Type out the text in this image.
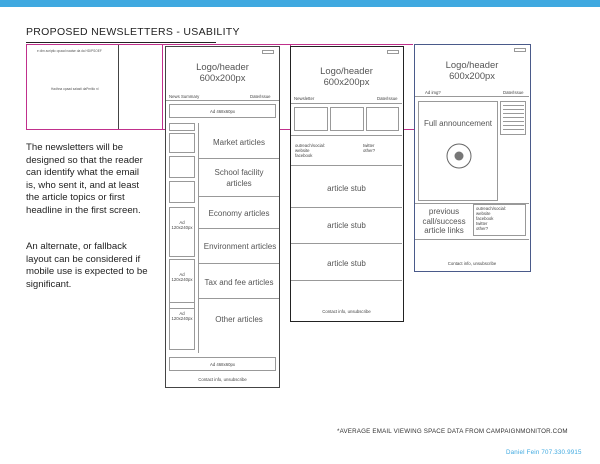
PROPOSED NEWSLETTERS - USABILITY
e dim acriptic opaad naaise da da HDIPSOEF
Hadhna opaad saiasti daPmitlo nl
The newsletters will be designed so that the reader can identify what the email is, who sent it, and at least the article topics or first headline in the first screen.
An alternate, or fallback layout can be considered if mobile use is expected to be significant.
Logo/header
600x200px
News Summary	Date/Issue
Ad 468x60px
Ad
120x240px
Ad
120x240px
Ad
120x240px
Market articles
School facility articles
Economy articles
Environment articles
Tax and fee articles
Other articles
Ad 468x60px
Contact info, unsubscribe
Logo/header
600x200px
Newsletter	Date/Issue
outreach/social:
website
facebook
twitter
other?
article stub
article stub
article stub
Contact info, unsubscribe
Logo/header
600x200px
Ad img?	Date/Issue
Full announcement
previous
call/success
article links
outreach/social:
website
facebook
twitter
other?
Contact info, unsubscribe
*AVERAGE EMAIL VIEWING SPACE DATA FROM CAMPAIGNMONITOR.COM
Daniel Fein 707.330.9915
